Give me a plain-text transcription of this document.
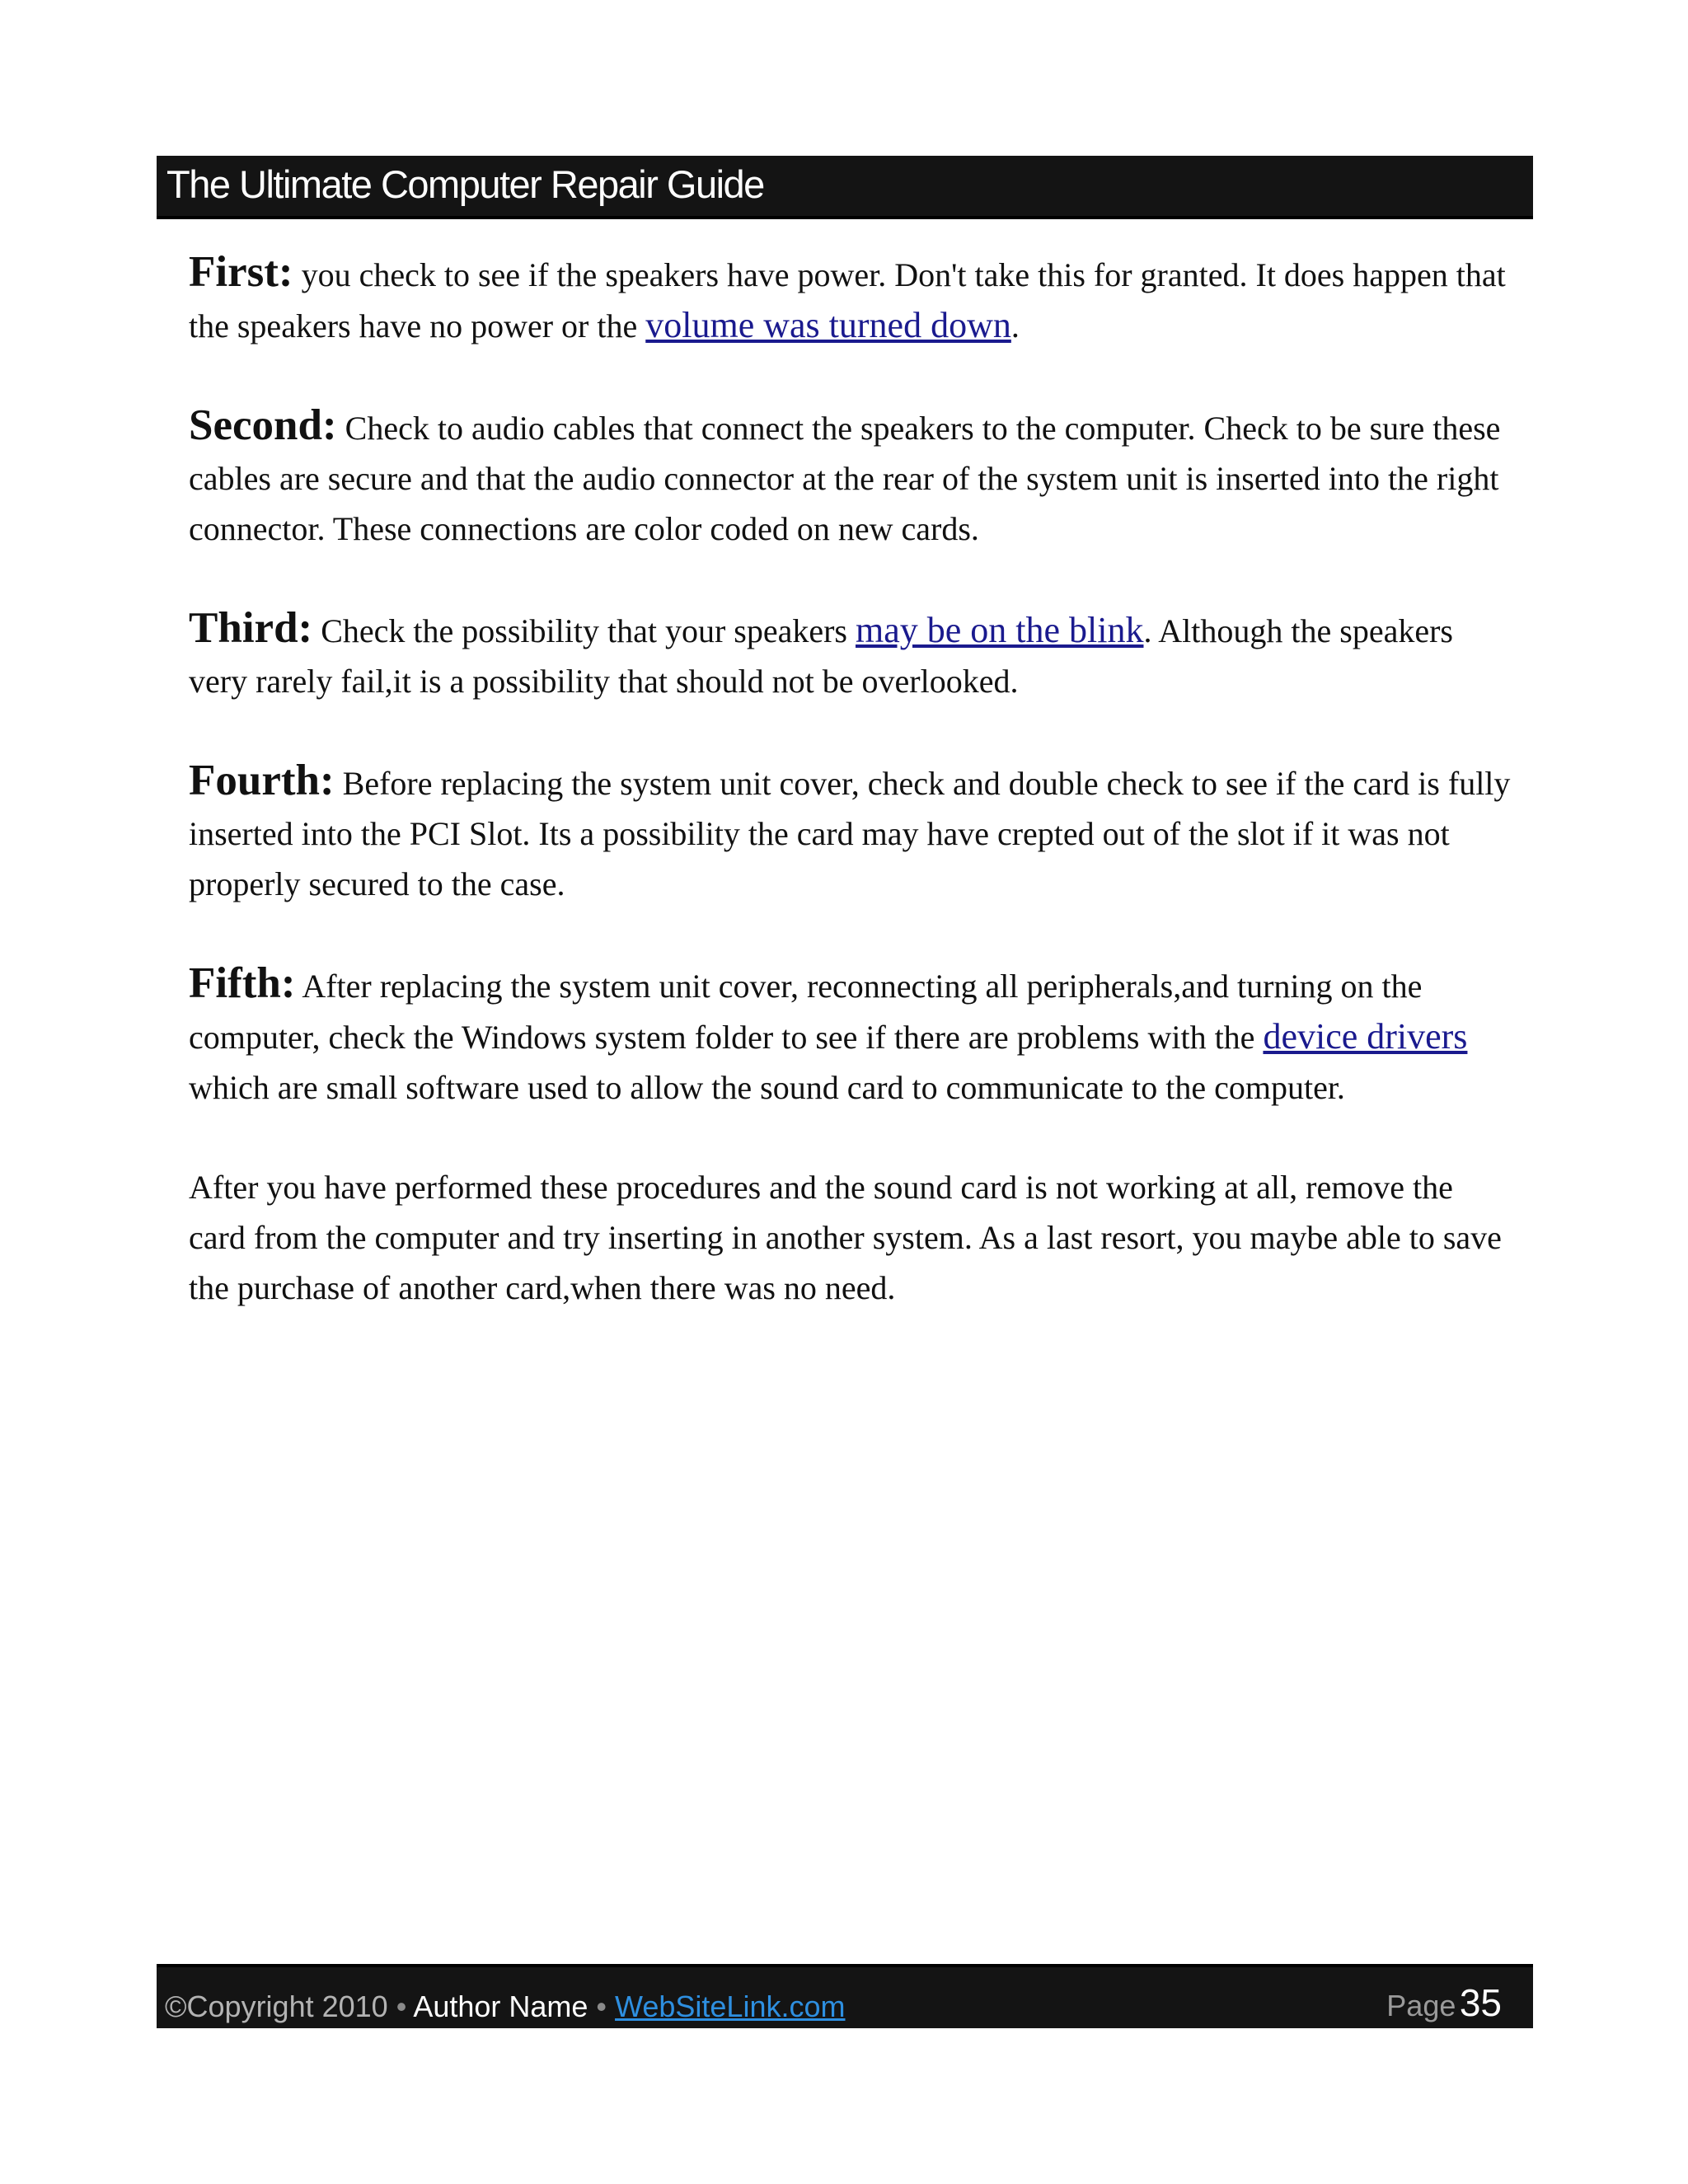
The Ultimate Computer Repair Guide

First: you check to see if the speakers have power. Don't take this for granted. It does happen that the speakers have no power or the volume was turned down.

Second: Check to audio cables that connect the speakers to the computer. Check to be sure these cables are secure and that the audio connector at the rear of the system unit is inserted into the right connector. These connections are color coded on new cards.

Third: Check the possibility that your speakers may be on the blink. Although the speakers very rarely fail,it is a possibility that should not be overlooked.

Fourth: Before replacing the system unit cover, check and double check to see if the card is fully inserted into the PCI Slot. Its a possibility the card may have crepted out of the slot if it was not properly secured to the case.

Fifth: After replacing the system unit cover, reconnecting all peripherals,and turning on the computer, check the Windows system folder to see if there are problems with the device drivers which are small software used to allow the sound card to communicate to the computer.

After you have performed these procedures and the sound card is not working at all, remove the card from the computer and try inserting in another system. As a last resort, you maybe able to save the purchase of another card,when there was no need.

©Copyright 2010 • Author Name • WebSiteLink.com	Page 35
